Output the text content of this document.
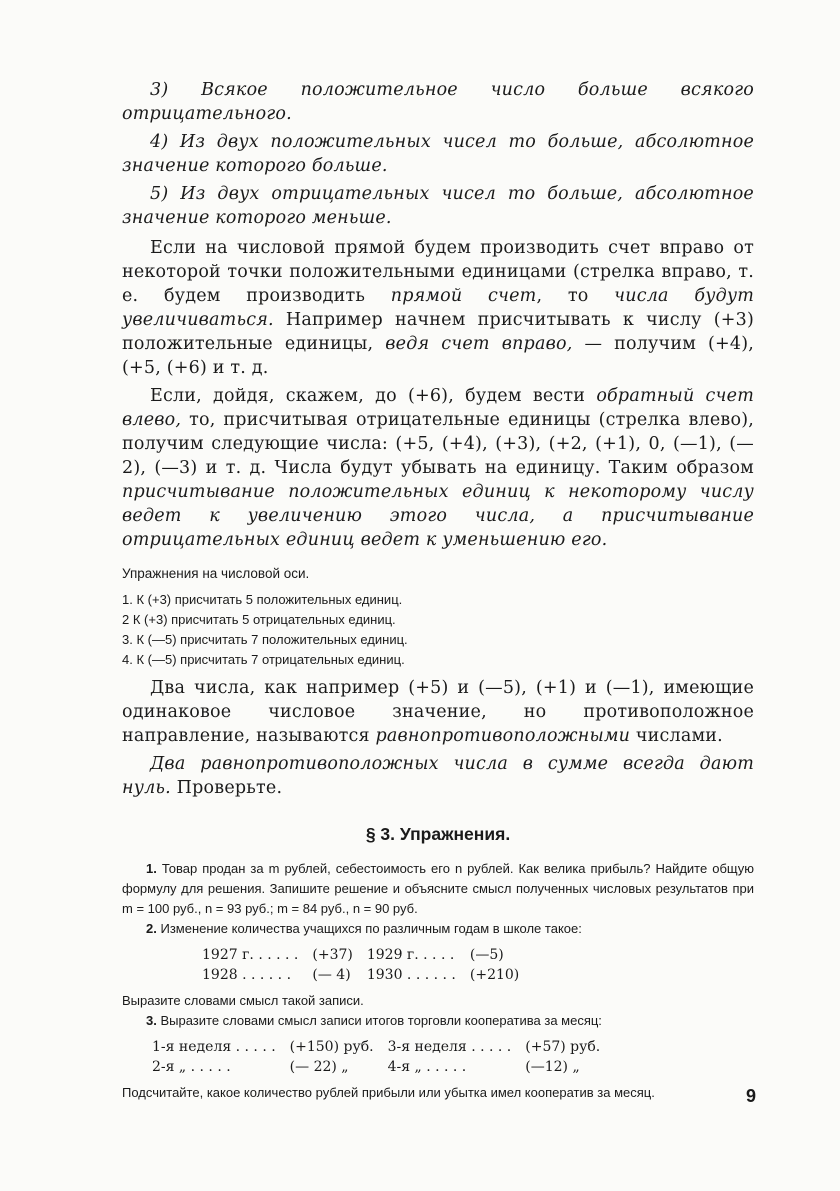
3) Всякое положительное число больше всякого отрицательного.

4) Из двух положительных чисел то больше, абсолютное значение которого больше.

5) Из двух отрицательных чисел то больше, абсолютное значение которого меньше.

Если на числовой прямой будем производить счет вправо от некоторой точки положительными единицами (стрелка вправо, т. е. будем производить прямой счет, то числа будут увеличиваться. Например начнем присчитывать к числу (+3) положительные единицы, ведя счет вправо, — получим (+4), (+5, (+6) и т. д.

Если, дойдя, скажем, до (+6), будем вести обратный счет влево, то, присчитывая отрицательные единицы (стрелка влево), получим следующие числа: (+5, (+4), (+3), (+2, (+1), 0, (—1), (—2), (—3) и т. д. Числа будут убывать на единицу. Таким образом присчитывание положительных единиц к некоторому числу ведет к увеличению этого числа, а присчитывание отрицательных единиц ведет к уменьшению его.

Упражнения на числовой оси.

1. К (+3) присчитать 5 положительных единиц.
2 К (+3) присчитать 5 отрицательных единиц.
3. К (—5) присчитать 7 положительных единиц.
4. К (—5) присчитать 7 отрицательных единиц.

Два числа, как например (+5) и (—5), (+1) и (—1), имеющие одинаковое числовое значение, но противоположное направление, называются равнопротивоположными числами.

Два равнопротивоположных числа в сумме всегда дают нуль. Проверьте.

§ 3. Упражнения.

1. Товар продан за m рублей, себестоимость его n рублей. Как велика прибыль? Найдите общую формулу для решения. Запишите решение и объясните смысл полученных числовых результатов при m = 100 руб., n = 93 руб.; m = 84 руб., n = 90 руб.

2. Изменение количества учащихся по различным годам в школе такое:

1927 г. . . . . .	(+37)	1929 г. . . . .	(—5)
1928 . . . . . .	(— 4)	1930 . . . . . .	(+210)

Выразите словами смысл такой записи.

3. Выразите словами смысл записи итогов торговли кооператива за месяц:

1-я неделя . . . . .	(+150) руб.	3-я неделя . . . . .	(+57) руб.
2-я „ . . . . .	(— 22) „	4-я „ . . . . .	(—12) „

Подсчитайте, какое количество рублей прибыли или убытка имел кооператив за месяц.	9
